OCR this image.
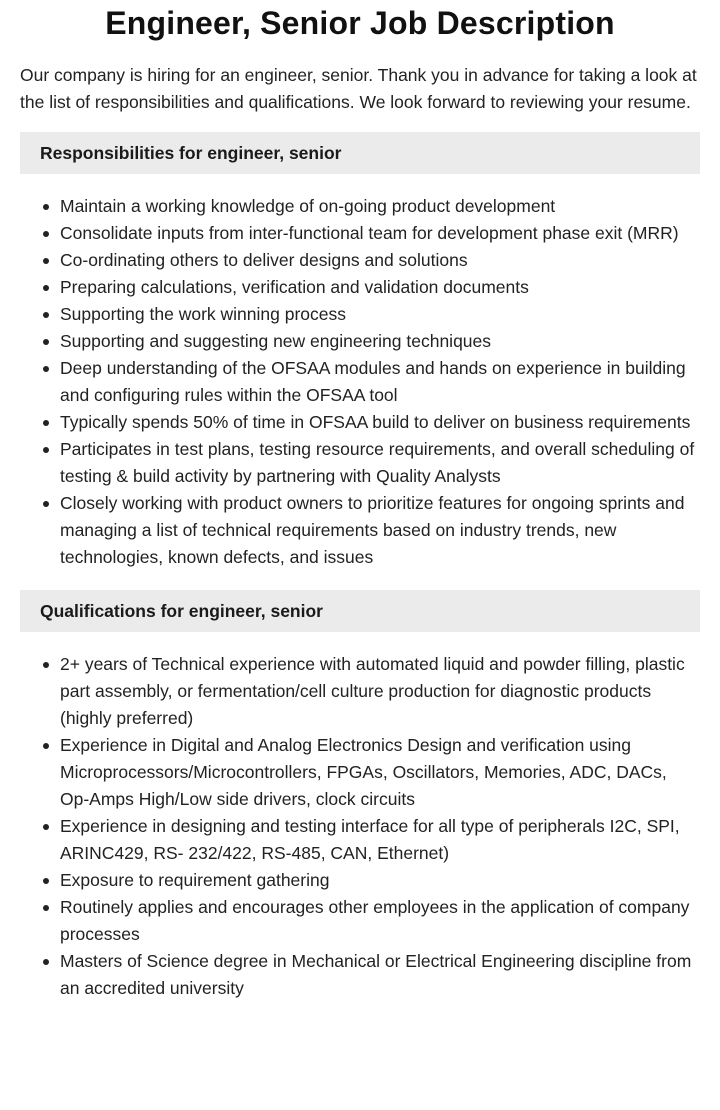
Engineer, Senior Job Description

Our company is hiring for an engineer, senior. Thank you in advance for taking a look at the list of responsibilities and qualifications. We look forward to reviewing your resume.

Responsibilities for engineer, senior
Maintain a working knowledge of on-going product development
Consolidate inputs from inter-functional team for development phase exit (MRR)
Co-ordinating others to deliver designs and solutions
Preparing calculations, verification and validation documents
Supporting the work winning process
Supporting and suggesting new engineering techniques
Deep understanding of the OFSAA modules and hands on experience in building and configuring rules within the OFSAA tool
Typically spends 50% of time in OFSAA build to deliver on business requirements
Participates in test plans, testing resource requirements, and overall scheduling of testing & build activity by partnering with Quality Analysts
Closely working with product owners to prioritize features for ongoing sprints and managing a list of technical requirements based on industry trends, new technologies, known defects, and issues
Qualifications for engineer, senior
2+ years of Technical experience with automated liquid and powder filling, plastic part assembly, or fermentation/cell culture production for diagnostic products (highly preferred)
Experience in Digital and Analog Electronics Design and verification using Microprocessors/Microcontrollers, FPGAs, Oscillators, Memories, ADC, DACs, Op-Amps High/Low side drivers, clock circuits
Experience in designing and testing interface for all type of peripherals I2C, SPI, ARINC429, RS- 232/422, RS-485, CAN, Ethernet)
Exposure to requirement gathering
Routinely applies and encourages other employees in the application of company processes
Masters of Science degree in Mechanical or Electrical Engineering discipline from an accredited university
